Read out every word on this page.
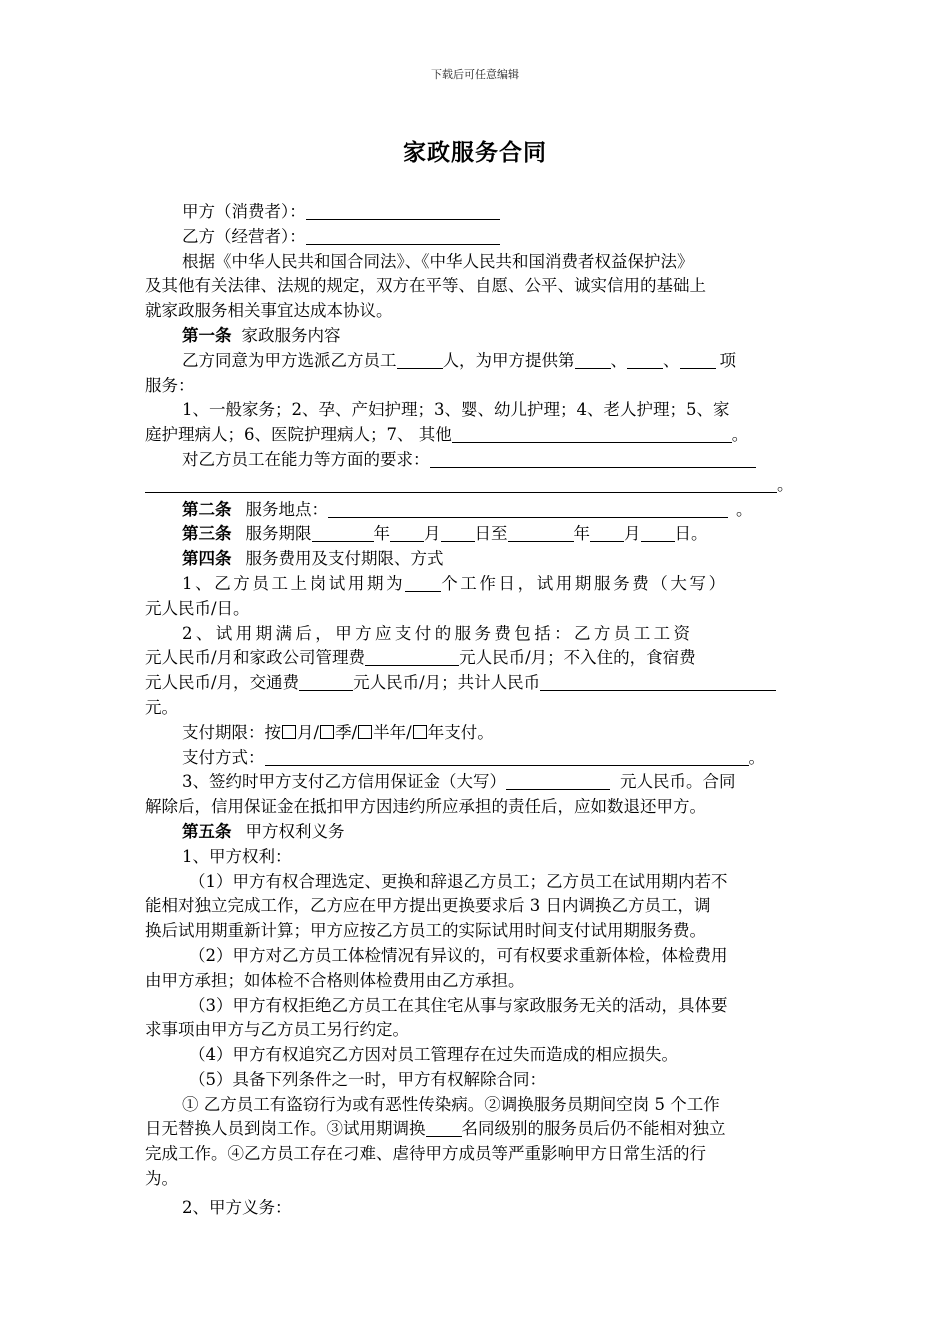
下载后可任意编辑
家政服务合同
甲方（消费者）：
乙方（经营者）：
根据《中华人民共和国合同法》、《中华人民共和国消费者权益保护法》
及其他有关法律、法规的规定，双方在平等、自愿、公平、诚实信用的基础上
就家政服务相关事宜达成本协议。
第一条 家政服务内容
乙方同意为甲方选派乙方员工	人，为甲方提供第 、 、 项
服务：
1、一般家务；2、孕、产妇护理；3、婴、幼儿护理；4、老人护理；5、家
庭护理病人；6、医院护理病人；7、 其他	。
对乙方员工在能力等方面的要求：
。
第二条 服务地点：	。
第三条 服务期限	年 月 日至	年 月 日。
第四条 服务费用及支付期限、方式
1、乙方员工上岗试用期为 个工作日，试用期服务费（大写）
元人民币/日。
2、试用期满后，甲方应支付的服务费包括：乙方员工工资
元人民币/月和家政公司管理费	元人民币/月；不入住的，食宿费
元人民币/月，交通费	元人民币/月；共计人民币
元。
支付期限：按 月/ 季/ 半年/ 年支付。
支付方式：	。
3、签约时甲方支付乙方信用保证金（大写）	元人民币。合同
解除后，信用保证金在抵扣甲方因违约所应承担的责任后，应如数退还甲方。
第五条 甲方权利义务
1、甲方权利：
（1）甲方有权合理选定、更换和辞退乙方员工；乙方员工在试用期内若不
能相对独立完成工作，乙方应在甲方提出更换要求后 3 日内调换乙方员工，调
换后试用期重新计算；甲方应按乙方员工的实际试用时间支付试用期服务费。
（2）甲方对乙方员工体检情况有异议的，可有权要求重新体检，体检费用
由甲方承担；如体检不合格则体检费用由乙方承担。
（3）甲方有权拒绝乙方员工在其住宅从事与家政服务无关的活动，具体要
求事项由甲方与乙方员工另行约定。
（4）甲方有权追究乙方因对员工管理存在过失而造成的相应损失。
（5）具备下列条件之一时，甲方有权解除合同：
① 乙方员工有盗窃行为或有恶性传染病。②调换服务员期间空岗 5 个工作
日无替换人员到岗工作。③试用期调换 名同级别的服务员后仍不能相对独立
完成工作。④乙方员工存在刁难、虐待甲方成员等严重影响甲方日常生活的行
为。
2、甲方义务：
